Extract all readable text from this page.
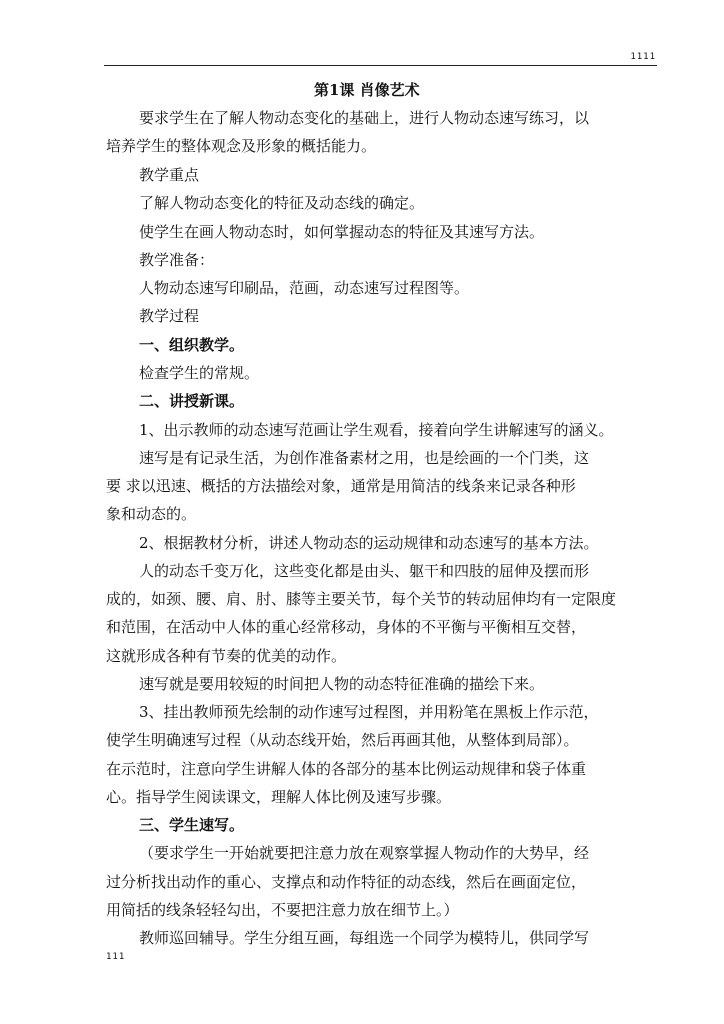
1111
第1课 肖像艺术
要求学生在了解人物动态变化的基础上，进行人物动态速写练习，以
培养学生的整体观念及形象的概括能力。
教学重点
了解人物动态变化的特征及动态线的确定。
使学生在画人物动态时，如何掌握动态的特征及其速写方法。
教学准备：
人物动态速写印刷品，范画，动态速写过程图等。
教学过程
一、组织教学。
检查学生的常规。
二、讲授新课。
1、出示教师的动态速写范画让学生观看，接着向学生讲解速写的涵义。
速写是有记录生活，为创作准备素材之用，也是绘画的一个门类，这
要 求以迅速、概括的方法描绘对象，通常是用简洁的线条来记录各种形
象和动态的。
2、根据教材分析，讲述人物动态的运动规律和动态速写的基本方法。
人的动态千变万化，这些变化都是由头、躯干和四肢的屈伸及摆而形
成的，如颈、腰、肩、肘、膝等主要关节，每个关节的转动屈伸均有一定限度
和范围，在活动中人体的重心经常移动，身体的不平衡与平衡相互交替，
这就形成各种有节奏的优美的动作。
速写就是要用较短的时间把人物的动态特征准确的描绘下来。
3、挂出教师预先绘制的动作速写过程图，并用粉笔在黑板上作示范，
使学生明确速写过程（从动态线开始，然后再画其他，从整体到局部）。
在示范时，注意向学生讲解人体的各部分的基本比例运动规律和袋子体重
心。指导学生阅读课文，理解人体比例及速写步骤。
三、学生速写。
（要求学生一开始就要把注意力放在观察掌握人物动作的大势早，经
过分析找出动作的重心、支撑点和动作特征的动态线，然后在画面定位，
用简括的线条轻轻勾出，不要把注意力放在细节上。）
教师巡回辅导。学生分组互画，每组选一个同学为模特儿，供同学写
111
